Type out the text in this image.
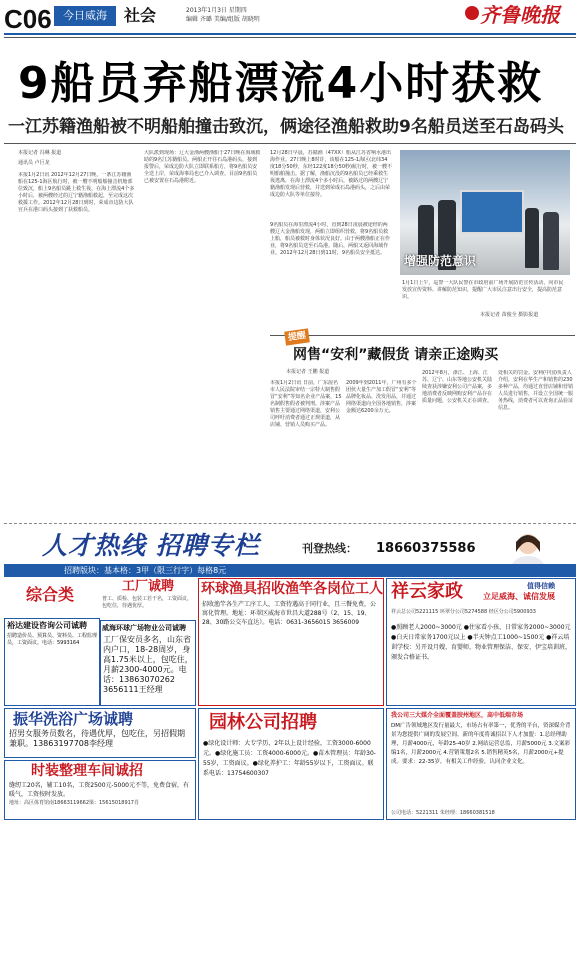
C06	今日威海	社会	2013年1月3日 星期四
编辑 齐璐 美编/组版 胡晓明	齐鲁晚报
9船员弃船漂流4小时获救
一江苏籍渔船被不明船舶撞击致沉，俩途径渔船救助9名船员送至石岛码头
本报记者 冯琳 报道
通讯员 卢巨龙
本报1月2日讯 2012年12月27日晚，一条江苏籍渔船在125-1海区航行时，被一艘不明船舶撞击机舱部位致沉，船上9名船员跳上救生筏，在海上漂流4个多小时后，被两艘经过的辽宁籍渔船救起，至完成这次救援工作。2012年12月28日到时，荣成市边防大队官兵在港口码头接到了获救船员。
大队派到现场：辽大金渔两艘渔船于27日晚在海域救助的9名江苏籍船员。两船正开往石岛港码头，接到报警后，荣成边防大队立即联系船方，将9名船员安全送上岸，荣成海事局也已介入调查。目前9名船员已被安置在石岛港附近。
12月28日早晨，苏赣渔（47XX）船从江苏省响水港出海作业。27日晚上8时许，该船在125-1海区(北纬34度18分50秒，东经122度18分50秒)航行时，被一艘不明船舶撞击。据了解，渔船沉没的9名船员已经乘救生筏逃离，在海上漂流4个多小时后，被路过的两艘辽宁籍渔船发现后营救，并送到荣成石岛港码头，之后由荣成边防大队等单位接待。
9名船员在海里漂流4小时，直到28日凌晨被途经的两艘辽大金渔船发现，两船立即组织营救，将9名船员救上船，船员被救时身体状况良好。由于两艘渔船正在作业，将9名船员送至石岛港。随后，两船又返回海域作业。2012年12月28日到11时，9名船员安全抵达。
增强防范意识
1月1日上午，巡警一大队民警在市政府前广场开展防范宣传活动，向市民发放宣传资料、讲解防范知识，提醒广大市民注意出行安全，提高防范意识。
本报记者 苗俊全 摄影报道
提醒
网售“安利”藏假货 请亲正途购买
本报记者 王鹏 报道
本报1月2日讯 日前，广东混名市人民法院审结一宗特大制售假冒“安利”等知名企业产品案，15名制假售假者被判刑。涉案产品销售主要通过网络渠道，安利公司呼吁消费者通过正规渠道，从店铺、营销人员购买产品。
2009年到2011年，广州有多个团伙大量生产加工假冒“安利”等品牌化妆品、洗发用品，并通过网络渠道向全国各地销售，涉案金额达6200余万元。
2012年8月，浙江、上海、江苏、辽宁、山东等地公安机关陆续查获涉嫌安利公司产品案，多地消费者反映网购安利产品存在质量问题，公安机关正在调查。
处相关的罚金。安利(中国)负责人介绍，安利在华生产和销售的230多种产品，均通过直营店铺和营销人员进行销售，并设立全国统一服务热线，消费者可以查询正品验证信息。
人才热线 招聘专栏	刊登热线： 18660375586
招聘版块：基本格：3甲（限三行字）每格8元
综合类
裕达建设咨询公司诚聘
招聘造价员、预算员、资料员、工程监理员，工资面议。电话：5993164
工厂诚聘
普工、质检、包装工若干名，工资面议，包吃住，待遇优厚。
威海环球广场物业公司诚聘
工厂保安员多名，山东省内户口，18-28周岁，身高1.75米以上，包吃住，月薪2300-4000元。电话：13863070262 3656111王经理
环球渔具招收渔竿各岗位工人
招收渔竿各生产工序工人，工资待遇高于同行业，且三餐免费，公寓化管理。地址：环翠区威海市世昌大道288号（2、15、19、28、30路公交车直达）。电话：0631-3656015 3656009
祥云家政	值得信赖
立足威海、诚信发展
祥云总公司5221115 环翠分公司5274588 经区分公司5900933
●照顾老人2000~3000元 ●住家看小孩、日常家务2000~3000元 ●白天日常家务1700元以上 ●半天钟点工1000~1500元 ●祥云培训学校：另开设月嫂、育婴师、物业管理保洁、保安、伊宝培训班，颁发合格证书。
振华洗浴广场诚聘
招男女服务员数名，待遇优厚，包吃住，另招假期兼职。13863197708李经理
时装整理车间诚招
缝纫工20名，辅工10名，工资2500元-5000元不等，免费食宿，有暖气，工资按时发放。
地址：高区体育馆南18663119662梁：15615018917肖
园林公司招聘
●绿化设计师：大专学历，2年以上设计经验，工资3000-6000元。●绿化施工员：工资4000-6000元。●苗木管理员：年龄30-55岁，工资面议。●绿化养护工：年龄55岁以下，工资面议。联系电话：13754600307
我公司三大媒介全面覆盖胶州地区，高中低端市场
DM广告领域地区发行量最大，市场占有率第一，优秀的平台，资深媒介背景为您提供广阔的发展空间。新的年度将诚招以下人才加盟：1.总经理助理，月薪4000元，年龄25-40岁 2.网站运营总监，月薪5000元 3.文案彩编1名，月薪2000元 4.营销策划2名 5.销售精英5名，月薪2000元+提成。要求：22-35岁，有相关工作经验，认同企业文化。
公司电话：5221311 朱经理：18660381518
